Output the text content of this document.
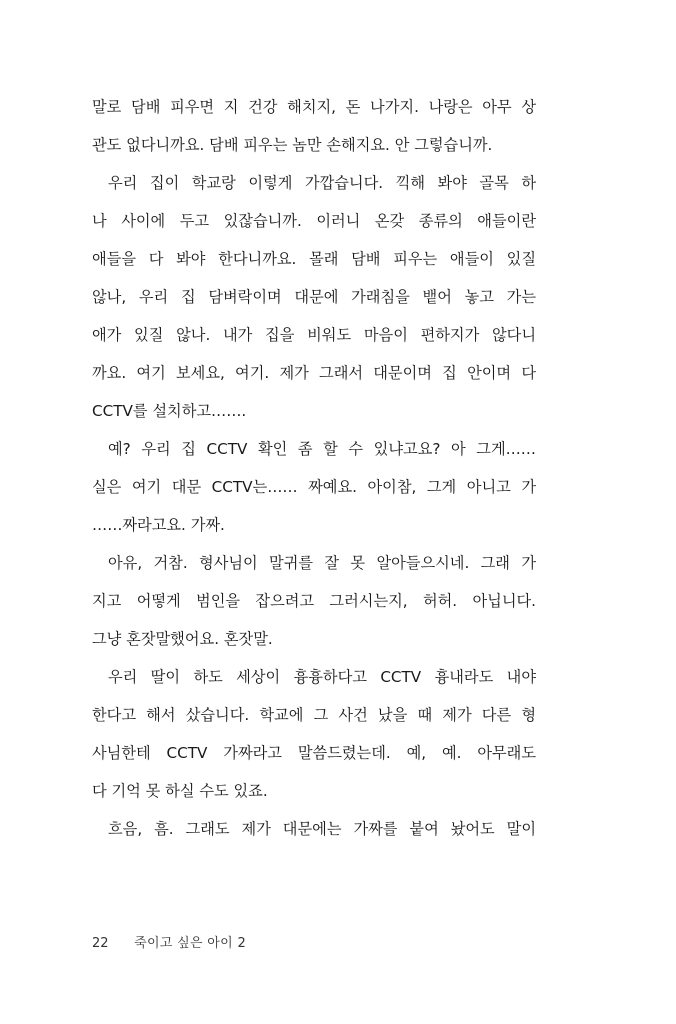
말로 담배 피우면 지 건강 해치지, 돈 나가지. 나랑은 아무 상
관도 없다니까요. 담배 피우는 놈만 손해지요. 안 그렇습니까.
우리 집이 학교랑 이렇게 가깝습니다. 끽해 봐야 골목 하
나 사이에 두고 있잖습니까. 이러니 온갖 종류의 애들이란
애들을 다 봐야 한다니까요. 몰래 담배 피우는 애들이 있질
않나, 우리 집 담벼락이며 대문에 가래침을 뱉어 놓고 가는
애가 있질 않나. 내가 집을 비워도 마음이 편하지가 않다니
까요. 여기 보세요, 여기. 제가 그래서 대문이며 집 안이며 다
CCTV를 설치하고…….
예? 우리 집 CCTV 확인 좀 할 수 있냐고요? 아 그게……
실은 여기 대문 CCTV는…… 짜예요. 아이참, 그게 아니고 가
……짜라고요. 가짜.
아유, 거참. 형사님이 말귀를 잘 못 알아들으시네. 그래 가
지고 어떻게 범인을 잡으려고 그러시는지, 허허. 아닙니다.
그냥 혼잣말했어요. 혼잣말.
우리 딸이 하도 세상이 흉흉하다고 CCTV 흉내라도 내야
한다고 해서 샀습니다. 학교에 그 사건 났을 때 제가 다른 형
사님한테 CCTV 가짜라고 말씀드렸는데. 예, 예. 아무래도
다 기억 못 하실 수도 있죠.
흐음, 흠. 그래도 제가 대문에는 가짜를 붙여 놨어도 말이
22 죽이고 싶은 아이 2
